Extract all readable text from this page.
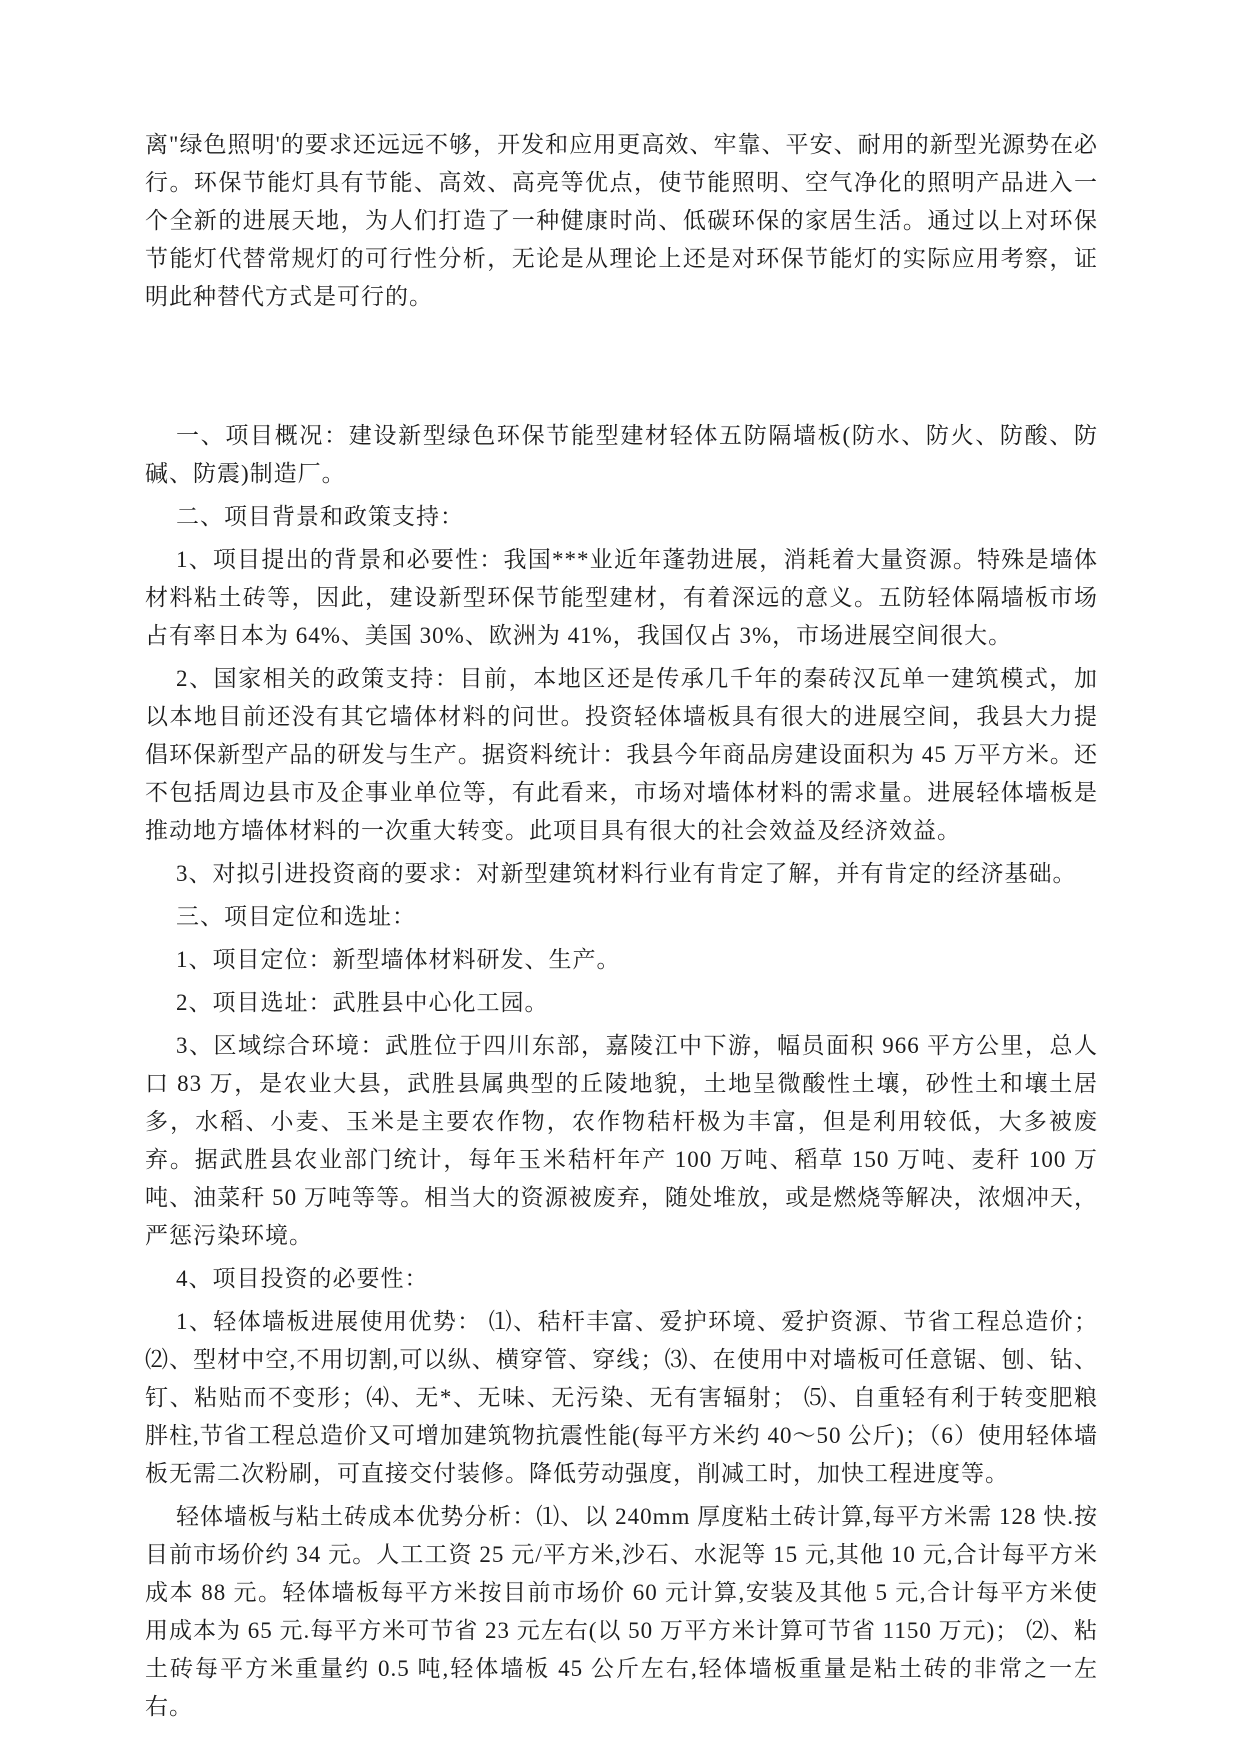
离"绿色照明'的要求还远远不够，开发和应用更高效、牢靠、平安、耐用的新型光源势在必行。环保节能灯具有节能、高效、高亮等优点，使节能照明、空气净化的照明产品进入一个全新的进展天地，为人们打造了一种健康时尚、低碳环保的家居生活。通过以上对环保节能灯代替常规灯的可行性分析，无论是从理论上还是对环保节能灯的实际应用考察，证明此种替代方式是可行的。

一、项目概况：建设新型绿色环保节能型建材轻体五防隔墙板(防水、防火、防酸、防碱、防震)制造厂。

二、项目背景和政策支持：

1、项目提出的背景和必要性：我国***业近年蓬勃进展，消耗着大量资源。特殊是墙体材料粘土砖等，因此，建设新型环保节能型建材，有着深远的意义。五防轻体隔墙板市场占有率日本为 64%、美国 30%、欧洲为 41%，我国仅占 3%，市场进展空间很大。

2、国家相关的政策支持：目前，本地区还是传承几千年的秦砖汉瓦单一建筑模式，加以本地目前还没有其它墙体材料的问世。投资轻体墙板具有很大的进展空间，我县大力提倡环保新型产品的研发与生产。据资料统计：我县今年商品房建设面积为 45 万平方米。还不包括周边县市及企事业单位等，有此看来，市场对墙体材料的需求量。进展轻体墙板是推动地方墙体材料的一次重大转变。此项目具有很大的社会效益及经济效益。

3、对拟引进投资商的要求：对新型建筑材料行业有肯定了解，并有肯定的经济基础。

三、项目定位和选址：

1、项目定位：新型墙体材料研发、生产。

2、项目选址：武胜县中心化工园。

3、区域综合环境：武胜位于四川东部，嘉陵江中下游，幅员面积 966 平方公里，总人口 83 万，是农业大县，武胜县属典型的丘陵地貌，土地呈微酸性土壤，砂性土和壤土居多，水稻、小麦、玉米是主要农作物，农作物秸杆极为丰富，但是利用较低，大多被废弃。据武胜县农业部门统计，每年玉米秸杆年产 100 万吨、稻草 150 万吨、麦秆 100 万吨、油菜秆 50 万吨等等。相当大的资源被废弃，随处堆放，或是燃烧等解决，浓烟冲天，严惩污染环境。

4、项目投资的必要性：

1、轻体墙板进展使用优势： ⑴、秸杆丰富、爱护环境、爱护资源、节省工程总造价；⑵、型材中空,不用切割,可以纵、横穿管、穿线；⑶、在使用中对墙板可任意锯、刨、钻、钉、粘贴而不变形；⑷、无*、无味、无污染、无有害辐射； ⑸、自重轻有利于转变肥粮胖柱,节省工程总造价又可增加建筑物抗震性能(每平方米约 40～50 公斤)；（6）使用轻体墙板无需二次粉刷，可直接交付装修。降低劳动强度，削减工时，加快工程进度等。

轻体墙板与粘土砖成本优势分析：⑴、以 240mm 厚度粘土砖计算,每平方米需 128 快.按目前市场价约 34 元。人工工资 25 元/平方米,沙石、水泥等 15 元,其他 10 元,合计每平方米成本 88 元。轻体墙板每平方米按目前市场价 60 元计算,安装及其他 5 元,合计每平方米使用成本为 65 元.每平方米可节省 23 元左右(以 50 万平方米计算可节省 1150 万元)； ⑵、粘土砖每平方米重量约 0.5 吨,轻体墙板 45 公斤左右,轻体墙板重量是粘土砖的非常之一左右。
